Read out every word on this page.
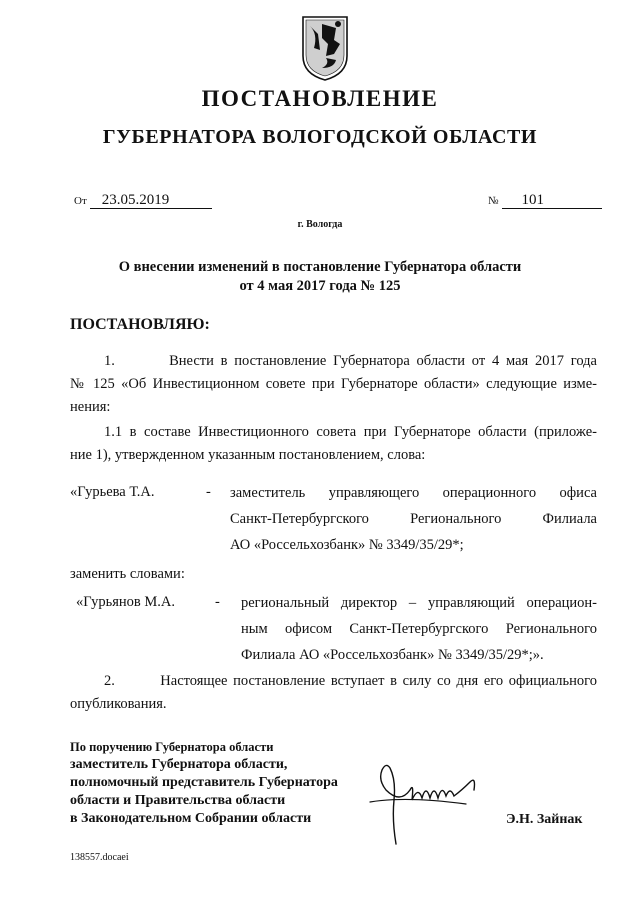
ПОСТАНОВЛЕНИЕ
ГУБЕРНАТОРА ВОЛОГОДСКОЙ ОБЛАСТИ
От 23.05.2019	№ 101
г. Вологда
О внесении изменений в постановление Губернатора области
от 4 мая 2017 года № 125
ПОСТАНОВЛЯЮ:
1.        Внести в постановление Губернатора области от 4 мая 2017 года
№ 125 «Об Инвестиционном совете при Губернаторе области» следующие изме-
нения:
1.1 в составе Инвестиционного совета при Губернаторе области (приложе-
ние 1), утвержденном указанным постановлением, слова:
«Гурьева Т.А.	- заместитель управляющего операционного офиса
Санкт-Петербургского Регионального Филиала
АО «Россельхозбанк» № 3349/35/29*;
заменить словами:
«Гурьянов М.А.	- региональный директор – управляющий операцион-
ным офисом Санкт-Петербургского Регионального
Филиала АО «Россельхозбанк» № 3349/35/29*;».
2.        Настоящее постановление вступает в силу со дня его официального
опубликования.
По поручению Губернатора области
заместитель Губернатора области,
полномочный представитель Губернатора
области и Правительства области
в Законодательном Собрании области	Э.Н. Зайнак
138557.docaei
